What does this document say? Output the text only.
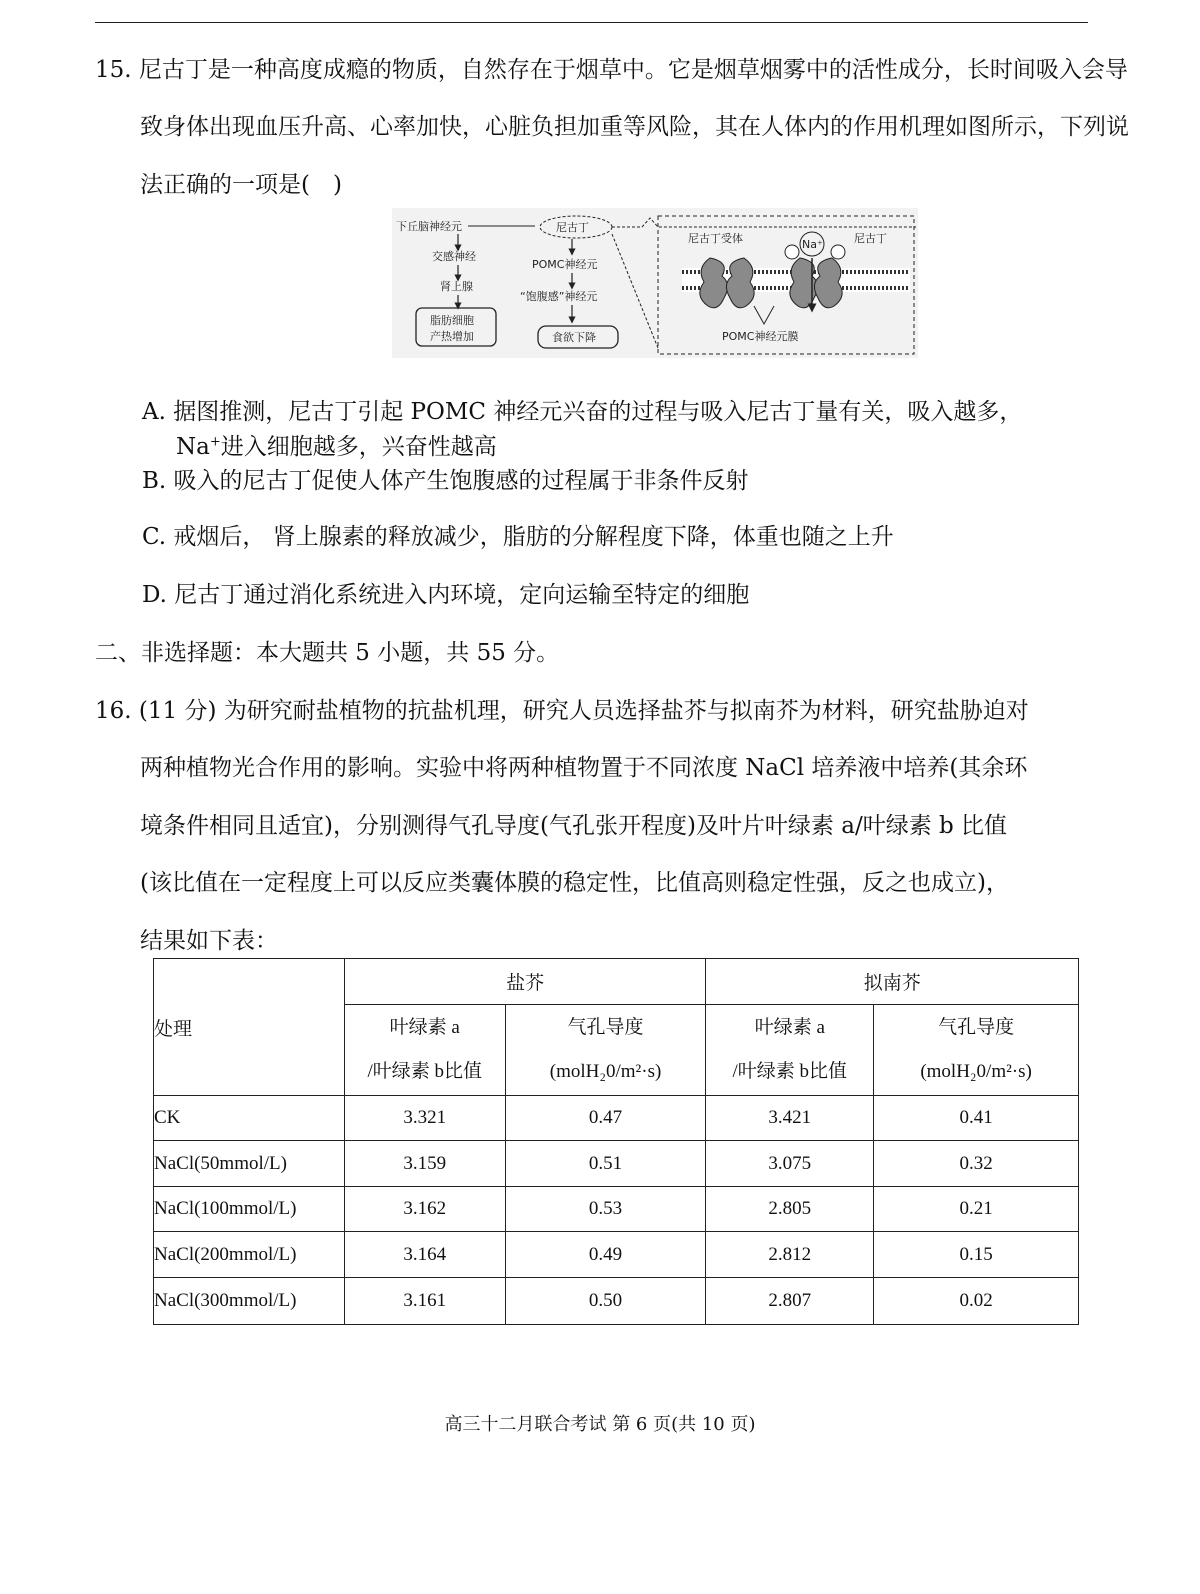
15. 尼古丁是一种高度成瘾的物质，自然存在于烟草中。它是烟草烟雾中的活性成分，长时间吸入会导
致身体出现血压升高、心率加快，心脏负担加重等风险，其在人体内的作用机理如图所示，下列说
法正确的一项是(　)
下丘脑神经元
交感神经
肾上腺
脂肪细胞
产热增加
尼古丁
POMC神经元
“饱腹感”神经元
食欲下降
尼古丁受体	Na⁺	尼古丁
POMC神经元膜
A. 据图推测，尼古丁引起 POMC 神经元兴奋的过程与吸入尼古丁量有关，吸入越多，
Na+进入细胞越多，兴奋性越高
B. 吸入的尼古丁促使人体产生饱腹感的过程属于非条件反射
C. 戒烟后， 肾上腺素的释放减少，脂肪的分解程度下降，体重也随之上升
D. 尼古丁通过消化系统进入内环境，定向运输至特定的细胞
二、非选择题：本大题共 5 小题，共 55 分。
16. (11 分) 为研究耐盐植物的抗盐机理，研究人员选择盐芥与拟南芥为材料，研究盐胁迫对
两种植物光合作用的影响。实验中将两种植物置于不同浓度 NaCl 培养液中培养(其余环
境条件相同且适宜)，分别测得气孔导度(气孔张开程度)及叶片叶绿素 a/叶绿素 b 比值
(该比值在一定程度上可以反应类囊体膜的稳定性，比值高则稳定性强，反之也成立)，
结果如下表：
处理	盐芥		拟南芥	

	叶绿素 a
/叶绿素 b比值	气孔导度
(molH₂0/m²·s)	叶绿素 a
/叶绿素 b比值	气孔导度
(molH₂0/m²·s)

CK	3.321	0.47	3.421	0.41
NaCl(50mmol/L)	3.159	0.51	3.075	0.32
NaCl(100mmol/L)	3.162	0.53	2.805	0.21
NaCl(200mmol/L)	3.164	0.49	2.812	0.15
NaCl(300mmol/L)	3.161	0.50	2.807	0.02
高三十二月联合考试 第 6 页(共 10 页)
